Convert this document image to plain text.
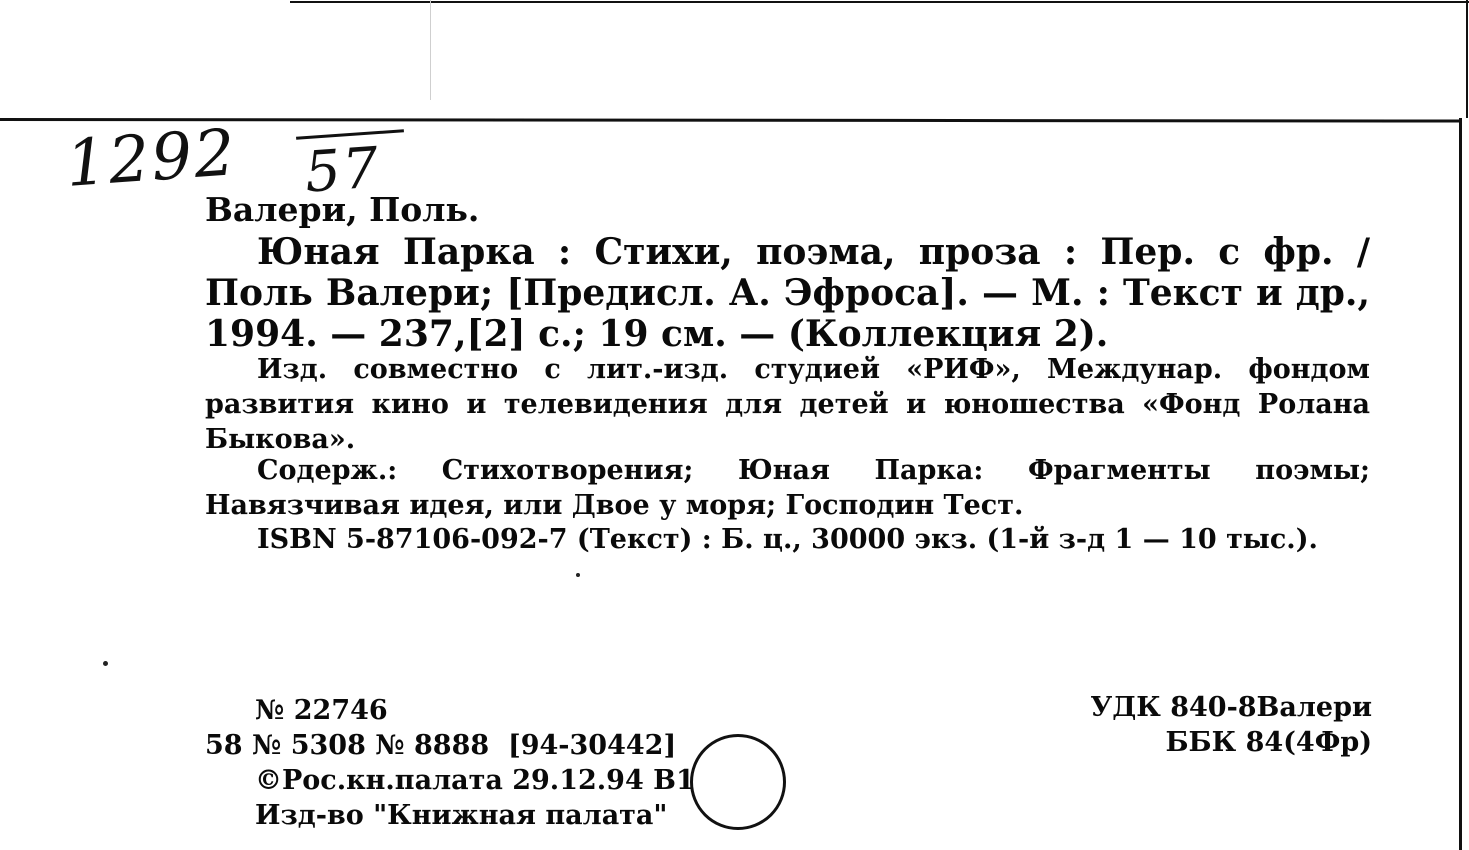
1292 57
Валери, Поль.
Юная Парка : Стихи, поэма, проза : Пер. с фр. / Поль Валери; [Предисл. А. Эфроса]. — М. : Текст и др., 1994. — 237,[2] с.; 19 см. — (Коллекция 2).
Изд. совместно с лит.-изд. студией «РИФ», Междунар. фондом развития кино и телевидения для детей и юношества «Фонд Ролана Быкова».
Содерж.: Стихотворения; Юная Парка: Фрагменты поэмы; Навязчивая идея, или Двое у моря; Господин Тест.
ISBN 5-87106-092-7 (Текст) : Б. ц., 30000 экз. (1-й з-д 1 — 10 тыс.).
№ 22746
58 № 5308 № 8888  [94-30442]
©Рос.кн.палата 29.12.94 В1
Изд-во "Книжная палата"
УДК 840-8Валери
ББК 84(4Фр)
